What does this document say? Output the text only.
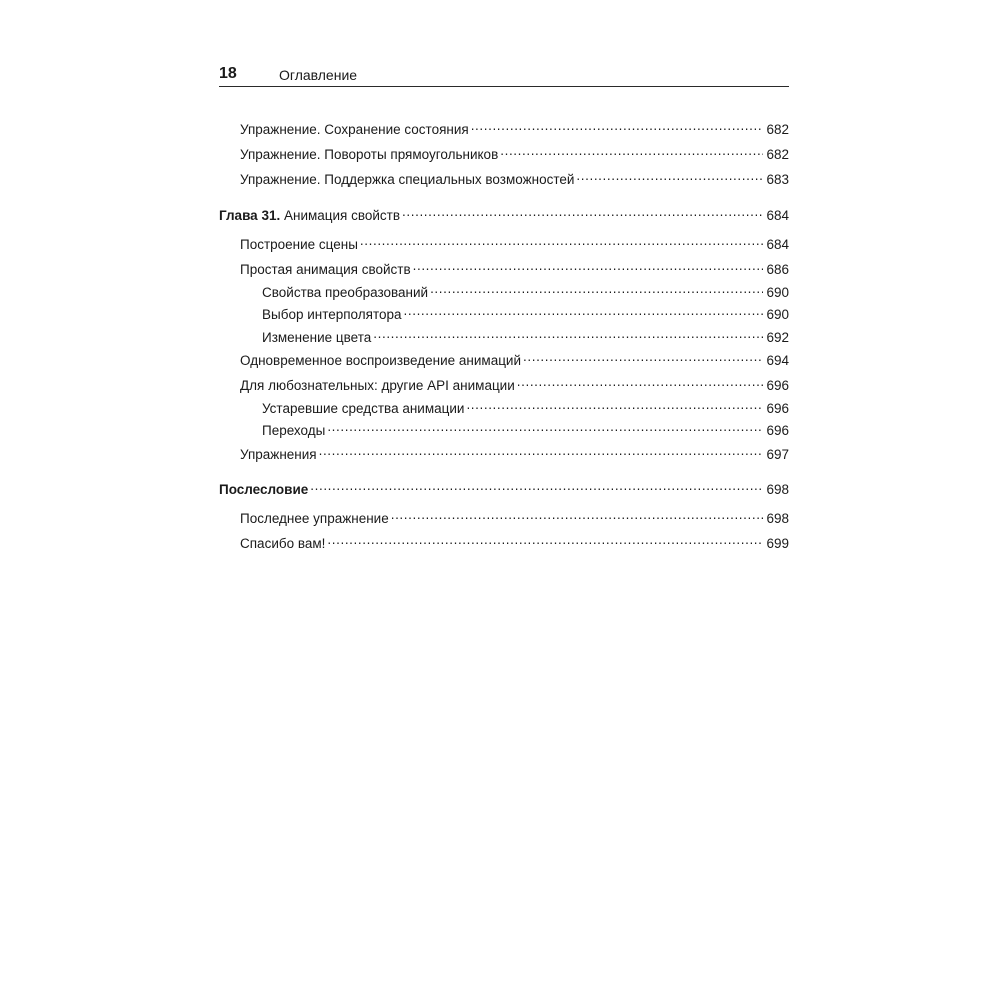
18	Оглавление
Упражнение. Сохранение состояния .....	682
Упражнение. Повороты прямоугольников .....	682
Упражнение. Поддержка специальных возможностей .....	683
Глава 31. Анимация свойств .....	684
Построение сцены .....	684
Простая анимация свойств .....	686
Свойства преобразований .....	690
Выбор интерполятора .....	690
Изменение цвета .....	692
Одновременное воспроизведение анимаций .....	694
Для любознательных: другие API анимации .....	696
Устаревшие средства анимации .....	696
Переходы .....	696
Упражнения .....	697
Послесловие .....	698
Последнее упражнение .....	698
Спасибо вам! .....	699
